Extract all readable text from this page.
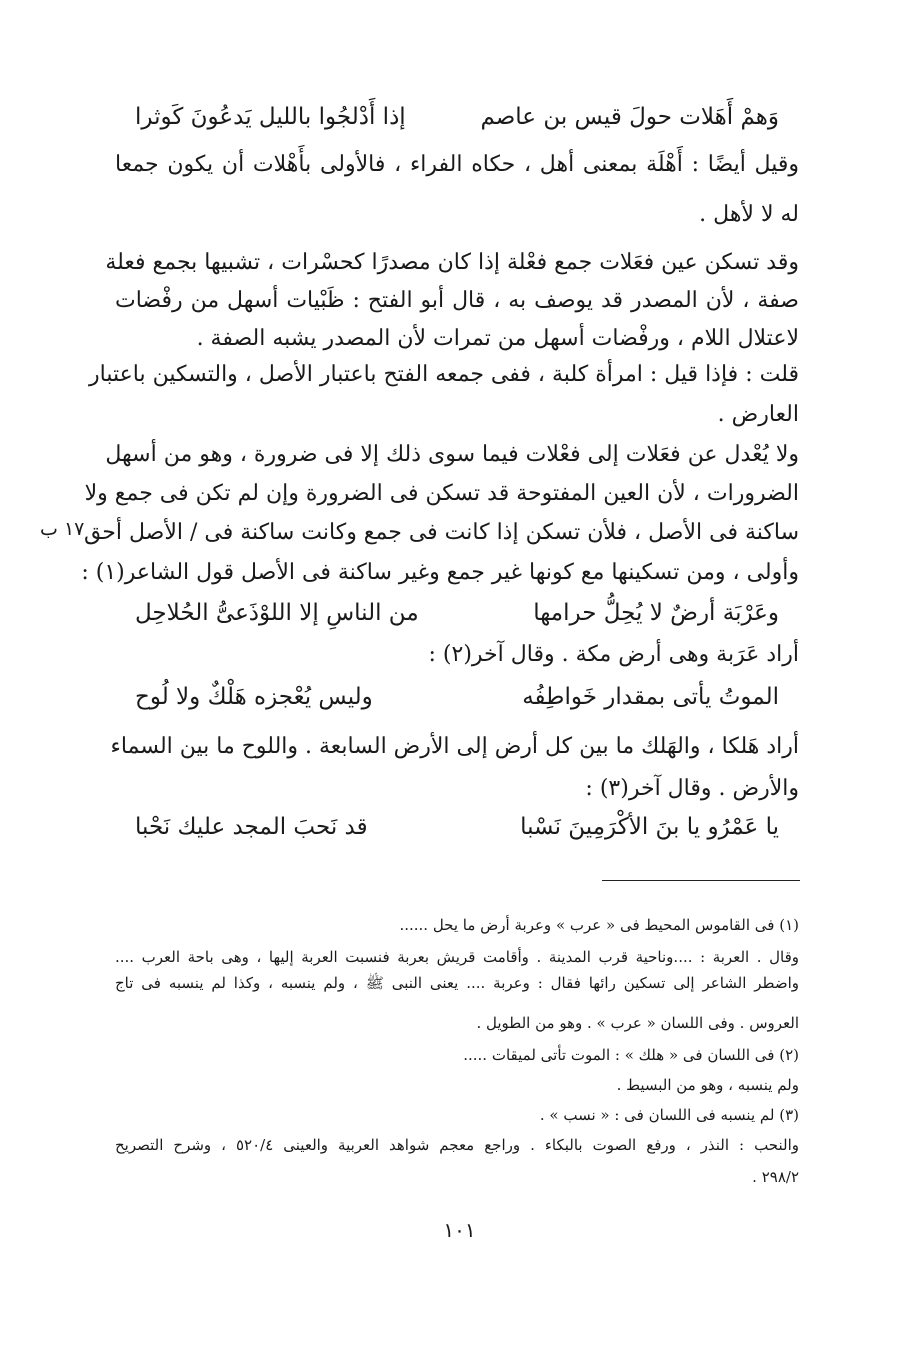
وَهمْ أَهَلات حولَ قيس بن عاصم
إذا أَدْلجُوا بالليل يَدعُونَ كَوثرا
وقيل أيضًا : أَهْلَة بمعنى أهل ، حكاه الفراء ، فالأولى بأَهْلات أن يكون جمعا
له لا لأهل .
وقد تسكن عين فعَلات جمع فعْلة إذا كان مصدرًا كحسْرات ، تشبيها بجمع فعلة
صفة ، لأن المصدر قد يوصف به ، قال أبو الفتح : ظَبْيات أسهل من رفْضات
لاعتلال اللام ، ورفْضات أسهل من تمرات لأن المصدر يشبه الصفة .
قلت : فإذا قيل : امرأة كلبة ، ففى جمعه الفتح باعتبار الأصل ، والتسكين باعتبار
العارض .
ولا يُعْدل عن فعَلات إلى فعْلات فيما سوى ذلك إلا فى ضرورة ، وهو من أسهل
الضرورات ، لأن العين المفتوحة قد تسكن فى الضرورة وإن لم تكن فى جمع ولا
ساكنة فى الأصل ، فلأن تسكن إذا كانت فى جمع وكانت ساكنة فى / الأصل أحق
وأولى ، ومن تسكينها مع كونها غير جمع وغير ساكنة فى الأصل قول الشاعر(١) :
وعَرْبَة أرضٌ لا يُحِلُّ حرامها
من الناسِ إلا اللوْذَعىُّ الحُلاحِل
أراد عَرَبة وهى أرض مكة . وقال آخر(٢) :
الموتُ يأتى بمقدار خَواطِفُه
وليس يُعْجزه هَلْكٌ ولا لُوح
أراد هَلكا ، والهَلك ما بين كل أرض إلى الأرض السابعة . واللوح ما بين السماء
والأرض . وقال آخر(٣) :
يا عَمْرُو يا بنَ الأكْرَمِينَ نَسْبا
قد نَحبَ المجد عليك نَحْبا
١٧ ب
(١) فى القاموس المحيط فى « عرب » وعربة أرض ما يحل ......
وقال . العربة : ....وناحية قرب المدينة . وأقامت قريش بعربة فنسبت العربة إليها ، وهى باحة العرب ....
واضطر الشاعر إلى تسكين رائها فقال : وعربة .... يعنى النبى ﷺ ، ولم ينسبه ، وكذا لم ينسبه فى تاج
العروس . وفى اللسان « عرب » . وهو من الطويل .
(٢) فى اللسان فى « هلك » : الموت تأتى لميقات .....
ولم ينسبه ، وهو من البسيط .
(٣) لم ينسبه فى اللسان فى : « نسب » .
والنحب : النذر ، ورفع الصوت بالبكاء . وراجع معجم شواهد العربية والعينى ٥٢٠/٤ ، وشرح التصريح
٢٩٨/٢ .
١٠١
